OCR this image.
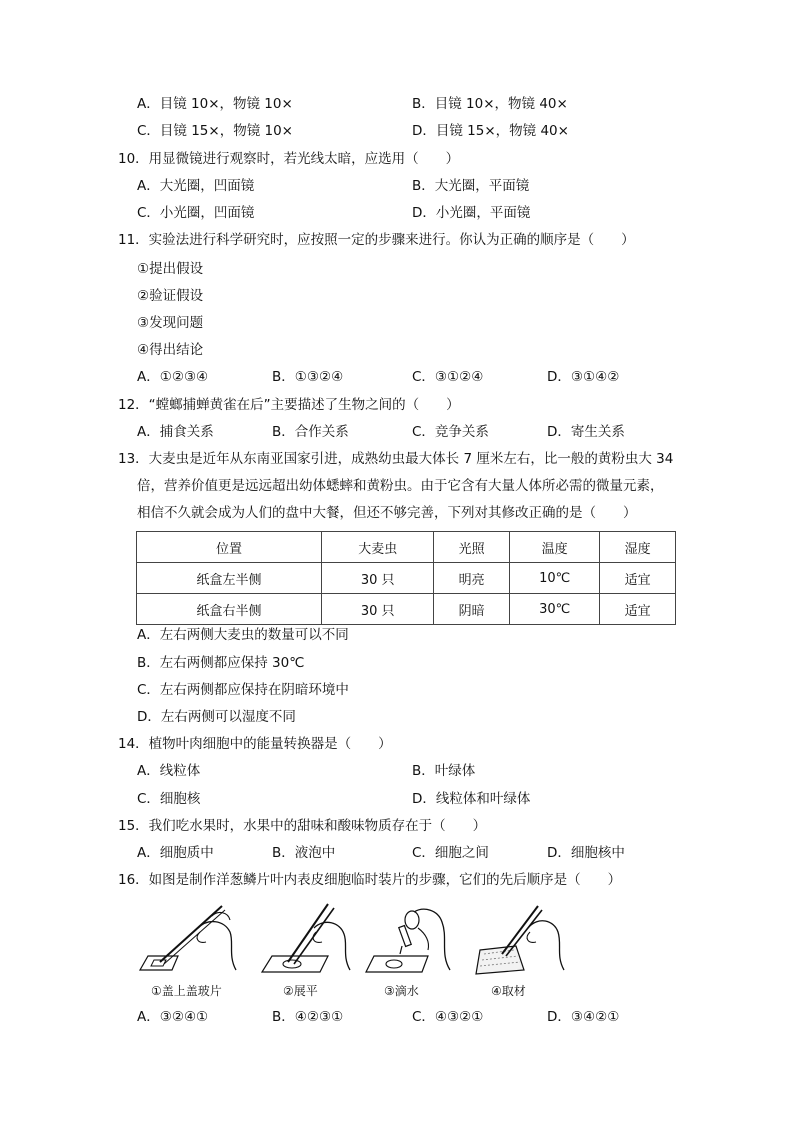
A．目镜 10×，物镜 10×	B．目镜 10×，物镜 40×
C．目镜 15×，物镜 10×	D．目镜 15×，物镜 40×
10．用显微镜进行观察时，若光线太暗，应选用（　　）
A．大光圈，凹面镜	B．大光圈，平面镜
C．小光圈，凹面镜	D．小光圈，平面镜
11．实验法进行科学研究时，应按照一定的步骤来进行。你认为正确的顺序是（　　）
①提出假设
②验证假设
③发现问题
④得出结论
A．①②③④	B．①③②④	C．③①②④	D．③①④②
12．“螳螂捕蝉黄雀在后”主要描述了生物之间的（　　）
A．捕食关系	B．合作关系	C．竞争关系	D．寄生关系
13．大麦虫是近年从东南亚国家引进，成熟幼虫最大体长 7 厘米左右，比一般的黄粉虫大 34
倍，营养价值更是远远超出幼体蟋蟀和黄粉虫。由于它含有大量人体所必需的微量元素，
相信不久就会成为人们的盘中大餐，但还不够完善，下列对其修改正确的是（　　）
位置	大麦虫	光照	温度	湿度
纸盒左半侧	30 只	明亮	10℃	适宜
纸盒右半侧	30 只	阴暗	30℃	适宜
A．左右两侧大麦虫的数量可以不同
B．左右两侧都应保持 30℃
C．左右两侧都应保持在阴暗环境中
D．左右两侧可以湿度不同
14．植物叶肉细胞中的能量转换器是（　　）
A．线粒体	B．叶绿体
C．细胞核	D．线粒体和叶绿体
15．我们吃水果时，水果中的甜味和酸味物质存在于（　　）
A．细胞质中	B．液泡中	C．细胞之间	D．细胞核中
16．如图是制作洋葱鳞片叶内表皮细胞临时装片的步骤，它们的先后顺序是（　　）
①盖上盖玻片	②展平	③滴水	④取材
A．③②④①	B．④②③①	C．④③②①	D．③④②①
